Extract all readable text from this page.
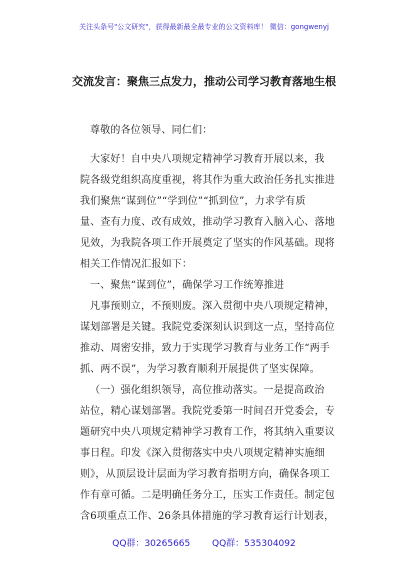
关注头条号"公文研究"，获得最新最全最专业的公文资料库！ 微信：gongwenyj
交流发言：聚焦三点发力，推动公司学习教育落地生根
尊敬的各位领导、同仁们：
大家好！自中央八项规定精神学习教育开展以来，我
院各级党组织高度重视，将其作为重大政治任务扎实推进
我们聚焦“谋到位”“学到位”“抓到位”，力求学有质
量、查有力度、改有成效，推动学习教育入脑入心、落地
见效，为我院各项工作开展奠定了坚实的作风基础。现将
相关工作情况汇报如下：
一、聚焦“谋到位”，确保学习工作统筹推进
凡事预则立，不预则废。深入贯彻中央八项规定精神，
谋划部署是关键。我院党委深刻认识到这一点，坚持高位
推动、周密安排，致力于实现学习教育与业务工作“两手
抓、两不误”，为学习教育顺利开展提供了坚实保障。
（一）强化组织领导，高位推动落实。一是提高政治
站位，精心谋划部署。我院党委第一时间召开党委会，专
题研究中央八项规定精神学习教育工作，将其纳入重要议
事日程。印发《深入贯彻落实中央八项规定精神实施细
则》，从顶层设计层面为学习教育指明方向，确保各项工
作有章可循。二是明确任务分工，压实工作责任。制定包
含6项重点工作、26条具体措施的学习教育运行计划表，
QQ群：30265665 QQ群：535304092
